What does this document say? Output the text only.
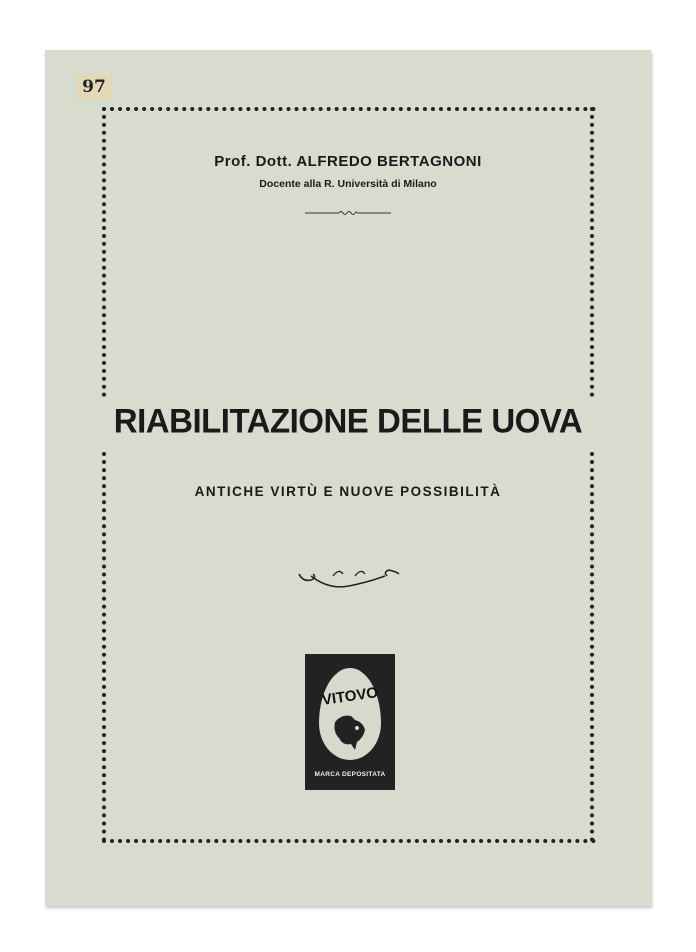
97
Prof. Dott. ALFREDO BERTAGNONI
Docente alla R. Università di Milano
RIABILITAZIONE DELLE UOVA
ANTICHE VIRTÙ E NUOVE POSSIBILITÀ
VITOVO
MARCA DEPOSITATA
